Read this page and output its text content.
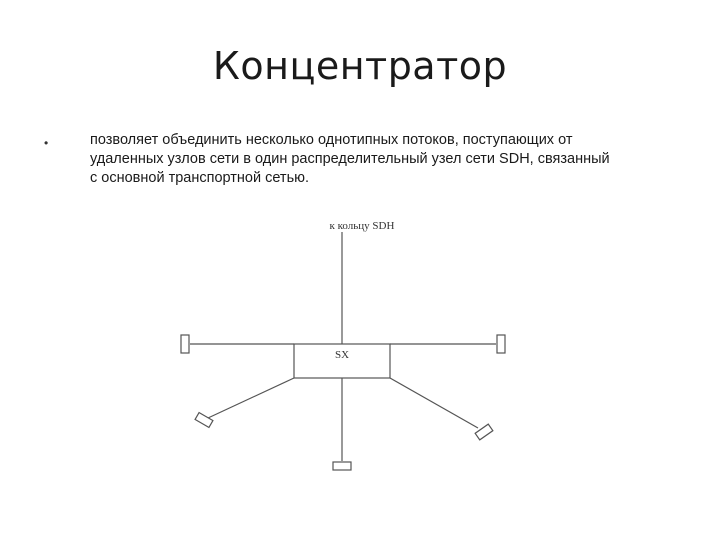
Концентратор
•	позволяет объединить несколько однотипных потоков, поступающих от
удаленных узлов сети в один распределительный узел сети SDH, связанный
с основной транспортной сетью.
SX
к кольцу SDH
